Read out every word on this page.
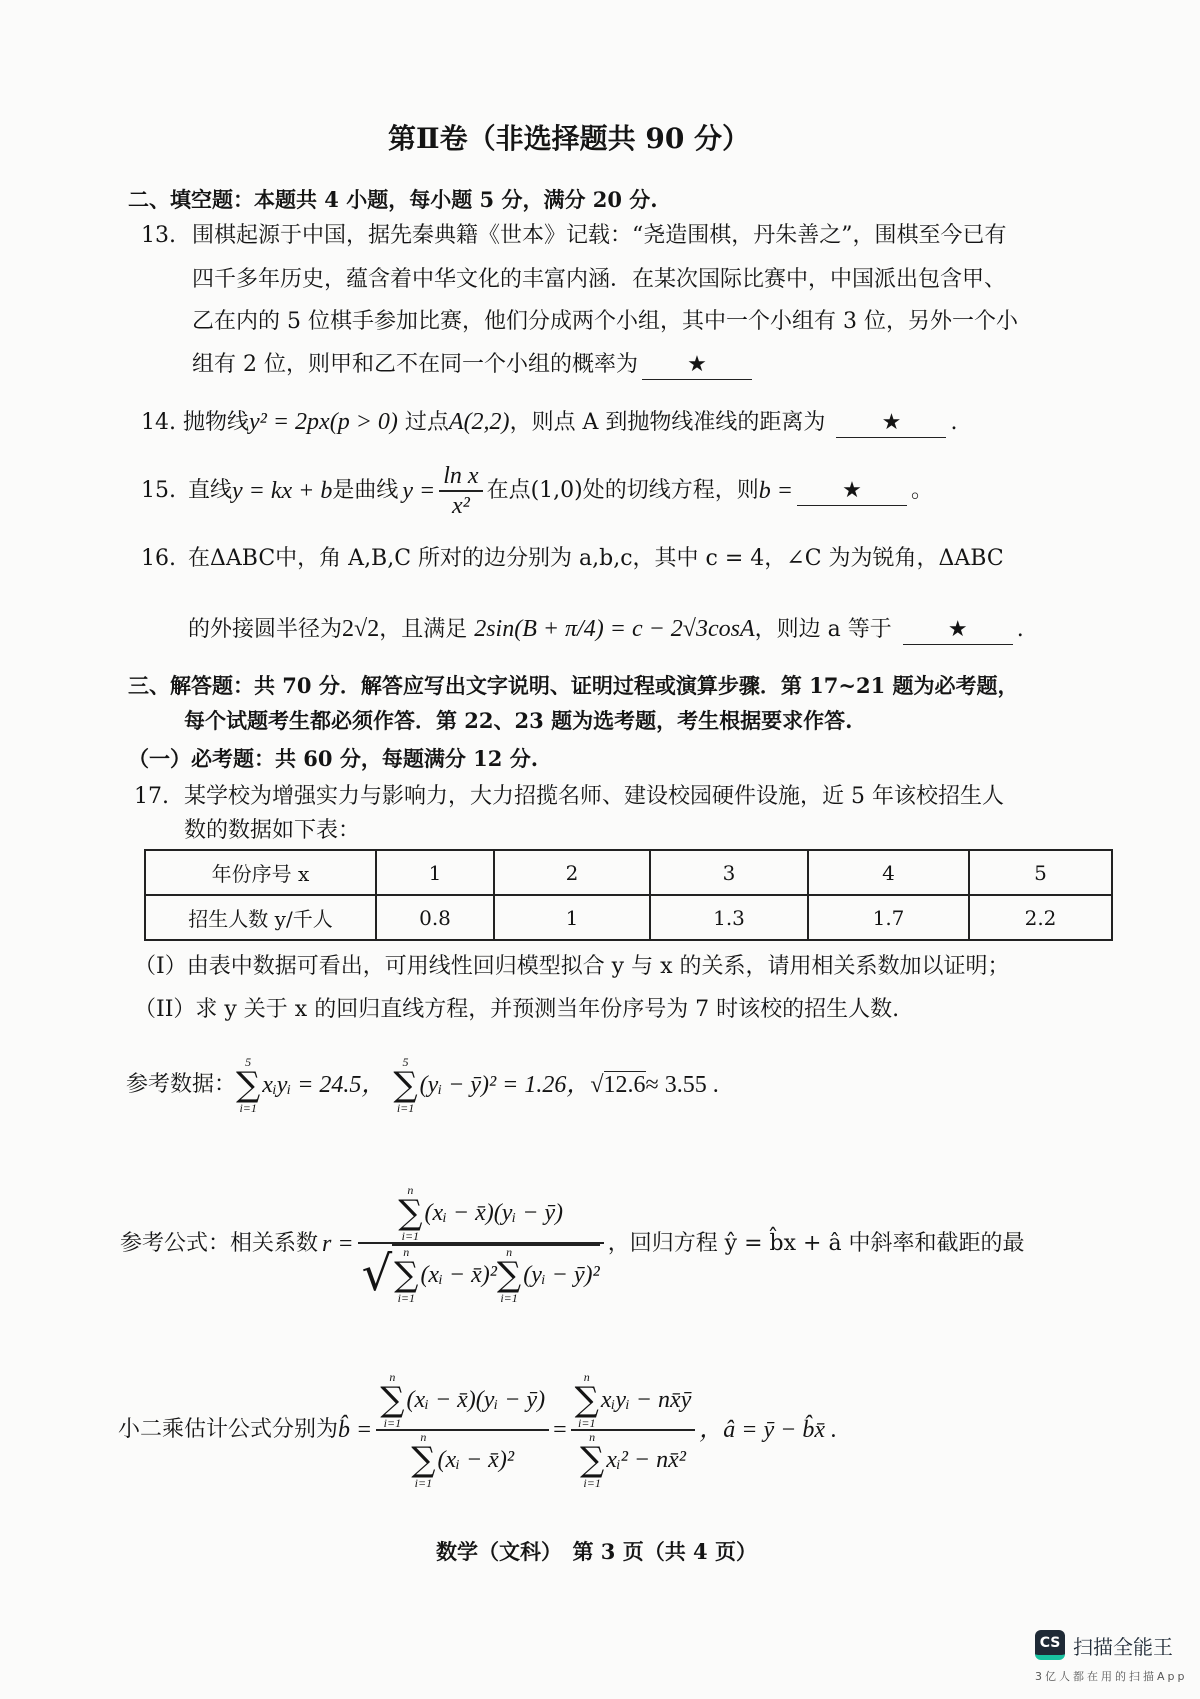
第Ⅱ卷（非选择题共 90 分）
二、填空题：本题共 4 小题，每小题 5 分，满分 20 分.
13. 围棋起源于中国，据先秦典籍《世本》记载：“尧造围棋，丹朱善之”，围棋至今已有
四千多年历史，蕴含着中华文化的丰富内涵．在某次国际比赛中，中国派出包含甲、
乙在内的 5 位棋手参加比赛，他们分成两个小组，其中一个小组有 3 位，另外一个小
组有 2 位，则甲和乙不在同一个小组的概率为 ★
14. 抛物线y² = 2px(p > 0) 过点A(2,2)，则点 A 到抛物线准线的距离为	★ .
15. 直线 y = kx + b 是曲线 $y = \frac{\text{ln x}}{\text{x²}}$ 在点(1,0)处的切线方程，则 b =	★	。
16. 在ΔABC中，角 A,B,C 所对的边分别为 a,b,c，其中 c = 4，∠C 为为锐角，ΔABC
的外接圆半径为2√2，且满足 2sin(B + π/4) = c − 2√3cosA，则边 a 等于	★ .
三、解答题：共 70 分．解答应写出文字说明、证明过程或演算步骤．第 17~21 题为必考题，
每个试题考生都必须作答．第 22、23 题为选考题，考生根据要求作答.
（一）必考题：共 60 分，每题满分 12 分.
17. 某学校为增强实力与影响力，大力招揽名师、建设校园硬件设施，近 5 年该校招生人
数的数据如下表：
年份序号 x	1	2	3	4	5
招生人数 y/千人	0.8	1	1.3	1.7	2.2
（I）由表中数据可看出，可用线性回归模型拟合 y 与 x 的关系，请用相关系数加以证明；
（II）求 y 关于 x 的回归直线方程，并预测当年份序号为 7 时该校的招生人数.
参考数据：
5
∑
i=1
xᵢyᵢ = 24.5，
5
∑
i=1
(yᵢ − ȳ)² = 1.26， √12.6 ≈ 3.55 .
参考公式：相关系数 r =
n
∑
i=1
(xᵢ − x̄)(yᵢ − ȳ)
√ n
∑
i=1
(xᵢ − x̄)²
n
∑
i=1
(yᵢ − ȳ)²
，回归方程 ŷ = b̂x + â 中斜率和截距的最
小二乘估计公式分别为 b̂ = n
∑
i=1
(xᵢ − x̄)(yᵢ − ȳ)
n
∑
i=1
(xᵢ − x̄)² = n
∑
i=1
xᵢyᵢ − nx̄ȳ
n
∑
i=1
xᵢ² − nx̄² ，â = ȳ − b̂x̄ .
数学（文科）　第 3 页（共 4 页）
CS 扫描全能王
3亿人都在用的扫描App
